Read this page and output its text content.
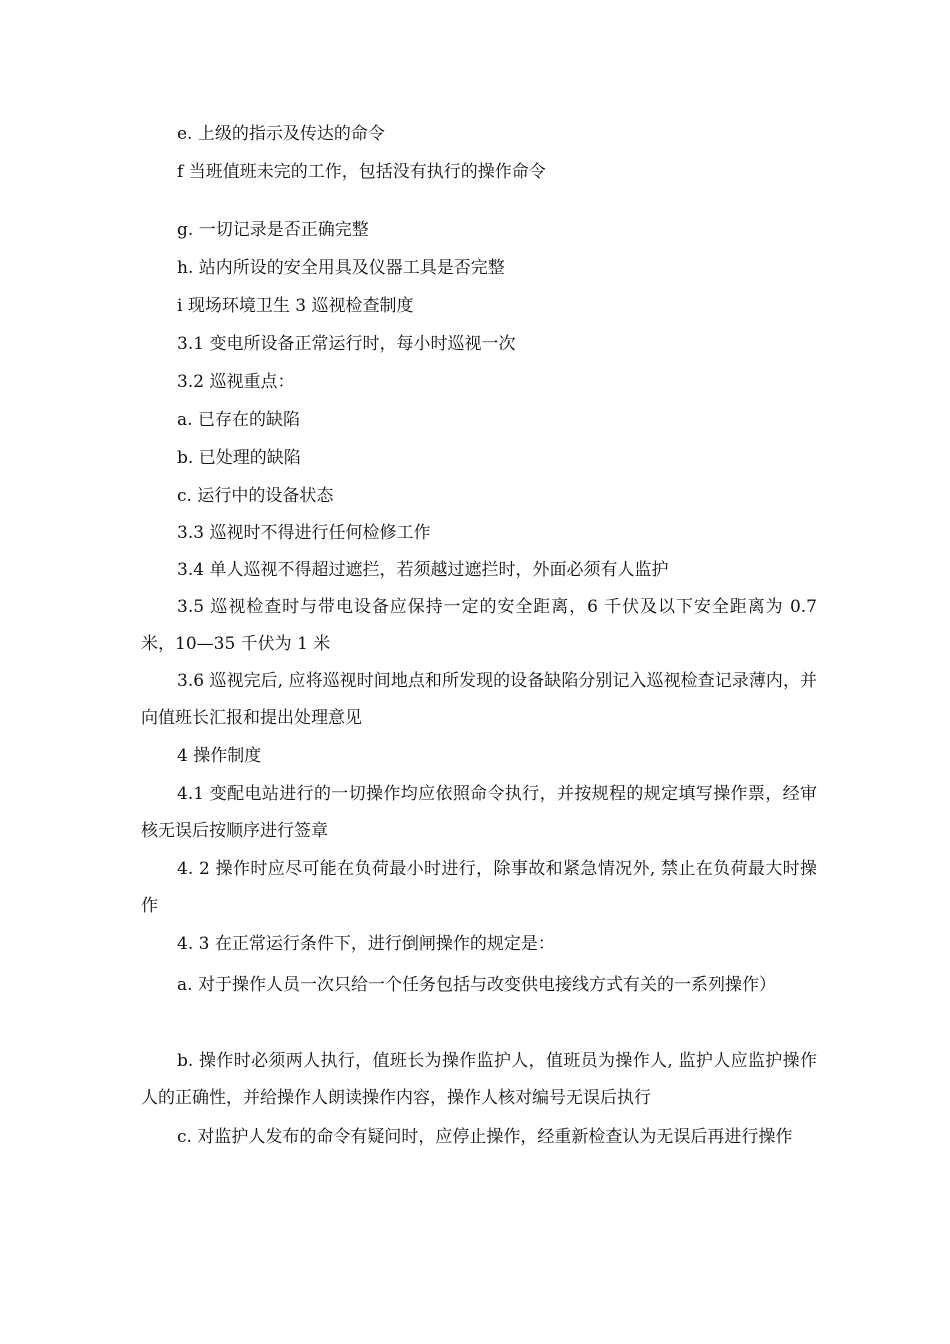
e. 上级的指示及传达的命令

f 当班值班未完的工作，包括没有执行的操作命令

g. 一切记录是否正确完整

h. 站内所设的安全用具及仪器工具是否完整

i 现场环境卫生 3 巡视检查制度

3.1 变电所设备正常运行时，每小时巡视一次

3.2 巡视重点：

a. 已存在的缺陷

b. 已处理的缺陷

c. 运行中的设备状态

3.3 巡视时不得进行任何检修工作

3.4 单人巡视不得超过遮拦，若须越过遮拦时，外面必须有人监护

3.5 巡视检查时与带电设备应保持一定的安全距离，6 千伏及以下安全距离为 0.7 米，10—35 千伏为 1 米

3.6 巡视完后, 应将巡视时间地点和所发现的设备缺陷分别记入巡视检查记录薄内，并向值班长汇报和提出处理意见

4 操作制度

4.1 变配电站进行的一切操作均应依照命令执行，并按规程的规定填写操作票，经审核无误后按顺序进行签章

4. 2 操作时应尽可能在负荷最小时进行，除事故和紧急情况外, 禁止在负荷最大时操作

4. 3 在正常运行条件下，进行倒闸操作的规定是：

a. 对于操作人员一次只给一个任务包括与改变供电接线方式有关的一系列操作）

b. 操作时必须两人执行，值班长为操作监护人，值班员为操作人, 监护人应监护操作人的正确性，并给操作人朗读操作内容，操作人核对编号无误后执行

c. 对监护人发布的命令有疑问时，应停止操作，经重新检查认为无误后再进行操作
